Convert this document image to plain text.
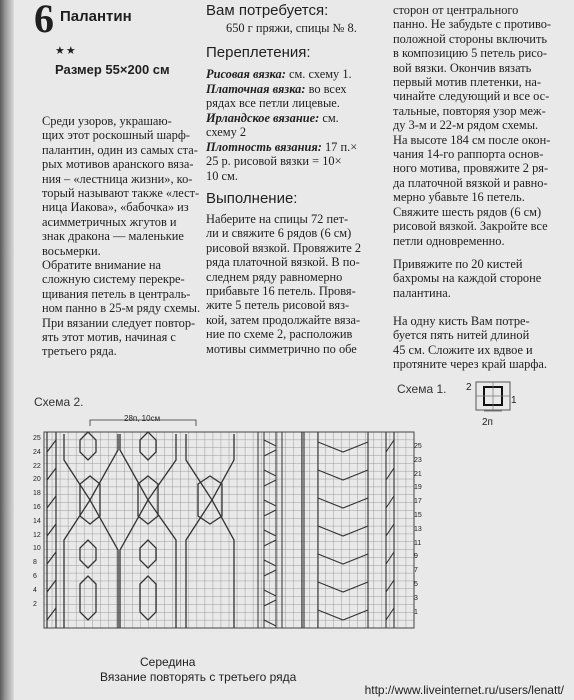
6 Палантин
★★
Размер 55×200 см
Среди узоров, украшаю-
щих этот роскошный шарф-
палантин, один из самых ста-
рых мотивов аранского вяза-
ния – «лестница жизни», ко-
торый называют также «лест-
ница Иакова», «бабочка» из
асимметричных жгутов и
знак дракона — маленькие
восьмерки.
Обратите внимание на
сложную систему перекре-
щивания петель в централь-
ном панно в 25-м ряду схемы.
При вязании следует повтор-
ять этот мотив, начиная с
третьего ряда.
Вам потребуется:
650 г пряжи, спицы № 8.
Переплетения:
Рисовая вязка: см. схему 1.
Платочная вязка: во всех
рядах все петли лицевые.
Ирландское вязание: см.
схему 2
Плотность вязания: 17 п.×
25 р. рисовой вязки = 10×
10 см.
Выполнение:
Наберите на спицы 72 пет-
ли и свяжите 6 рядов (6 см)
рисовой вязкой. Провяжите 2
ряда платочной вязкой. В по-
следнем ряду равномерно
прибавьте 16 петель. Провя-
жите 5 петель рисовой вяз-
кой, затем продолжайте вяза-
ние по схеме 2, расположив
мотивы симметрично по обе
сторон от центрального
панно. Не забудьте с противо-
положной стороны включить
в композицию 5 петель рисо-
вой вязки. Окончив вязать
первый мотив плетенки, на-
чинайте следующий и все ос-
тальные, повторяя узор меж-
ду 3-м и 22-м рядом схемы.
На высоте 184 см после окон-
чания 14-го раппорта основ-
ного мотива, провяжите 2 ря-
да платочной вязкой и равно-
мерно убавьте 16 петель.
Свяжите шесть рядов (6 см)
рисовой вязкой. Закройте все
петли одновременно.
Привяжите по 20 кистей
бахромы на каждой стороне
палантина.
На одну кисть Вам потре-
буется пять нитей длиной
45 см. Сложите их вдвое и
протяните через край шарфа.
Схема 1. 2
1
2п
Схема 2.
28п, 10см
Середина
Вязание повторять с третьего ряда
25
24
22
20
18
16
14
12
10
8
6
4
2
25
23
21
19
17
15
13
11
9
7
5
3
1
http://www.liveinternet.ru/users/lenatt/
